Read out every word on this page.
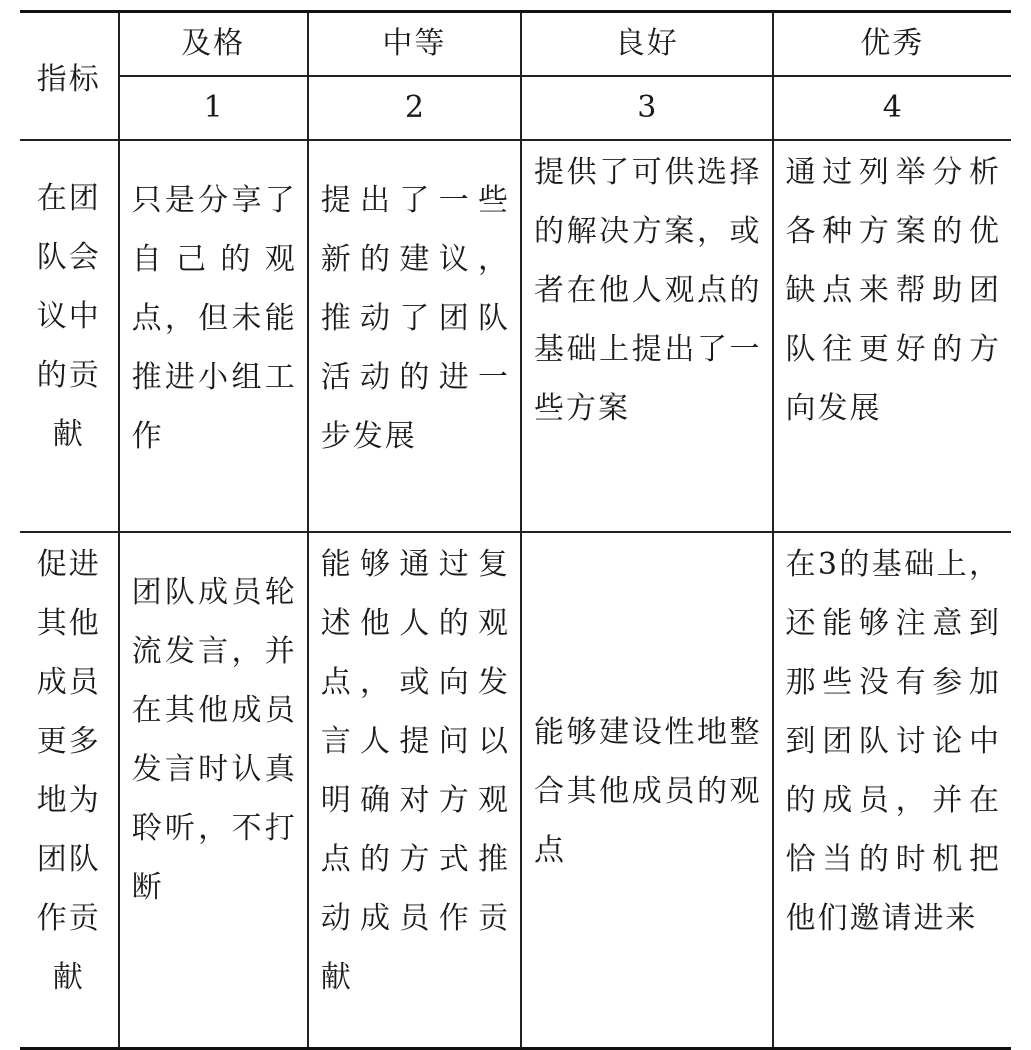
指标	及格	中等	良好	优秀
	1	2	3	4
在团队会议中的贡献	只是分享了自己的观点，但未能推进小组工作	提出了一些新的建议，推动了团队活动的进一步发展	提供了可供选择的解决方案，或者在他人观点的基础上提出了一些方案	通过列举分析各种方案的优缺点来帮助团队往更好的方向发展
促进其他成员更多地为团队作贡献	团队成员轮流发言，并在其他成员发言时认真聆听，不打断	能够通过复述他人的观点，或向发言人提问以明确对方观点的方式推动成员作贡献	能够建设性地整合其他成员的观点	在3的基础上，还能够注意到那些没有参加到团队讨论中的成员，并在恰当的时机把他们邀请进来
